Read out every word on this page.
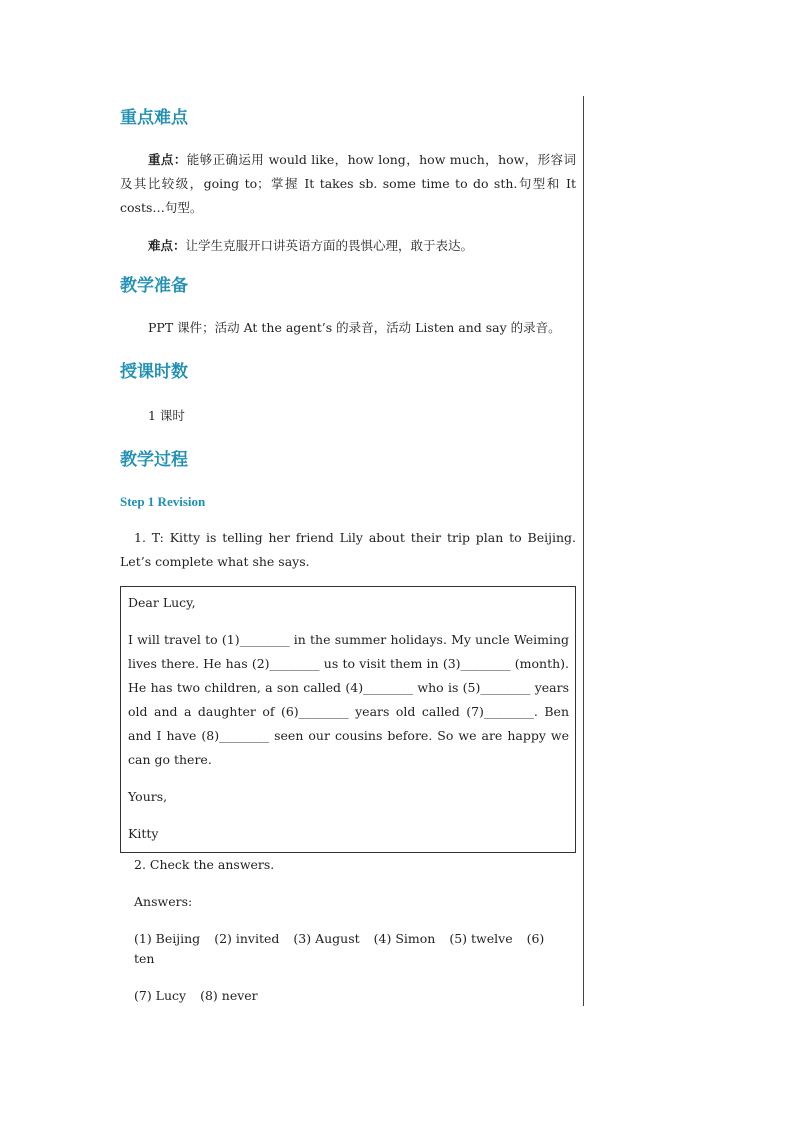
重点难点

重点：能够正确运用 would like，how long，how much，how，形容词及其比较级，going to；掌握 It takes sb. some time to do sth.句型和 It costs…句型。

难点：让学生克服开口讲英语方面的畏惧心理，敢于表达。

教学准备

PPT 课件；活动 At the agent’s 的录音，活动 Listen and say 的录音。

授课时数

1 课时

教学过程

Step 1 Revision

1. T: Kitty is telling her friend Lily about their trip plan to Beijing. Let’s complete what she says.

Dear Lucy,

I will travel to (1)________ in the summer holidays. My uncle Weiming lives there. He has (2)________ us to visit them in (3)________ (month). He has two children, a son called (4)________ who is (5)________ years old and a daughter of (6)________ years old called (7)________. Ben and I have (8)________ seen our cousins before. So we are happy we can go there.

Yours,

Kitty

2. Check the answers.

Answers:

(1) Beijing (2) invited (3) August (4) Simon (5) twelve (6) ten

(7) Lucy (8) never
